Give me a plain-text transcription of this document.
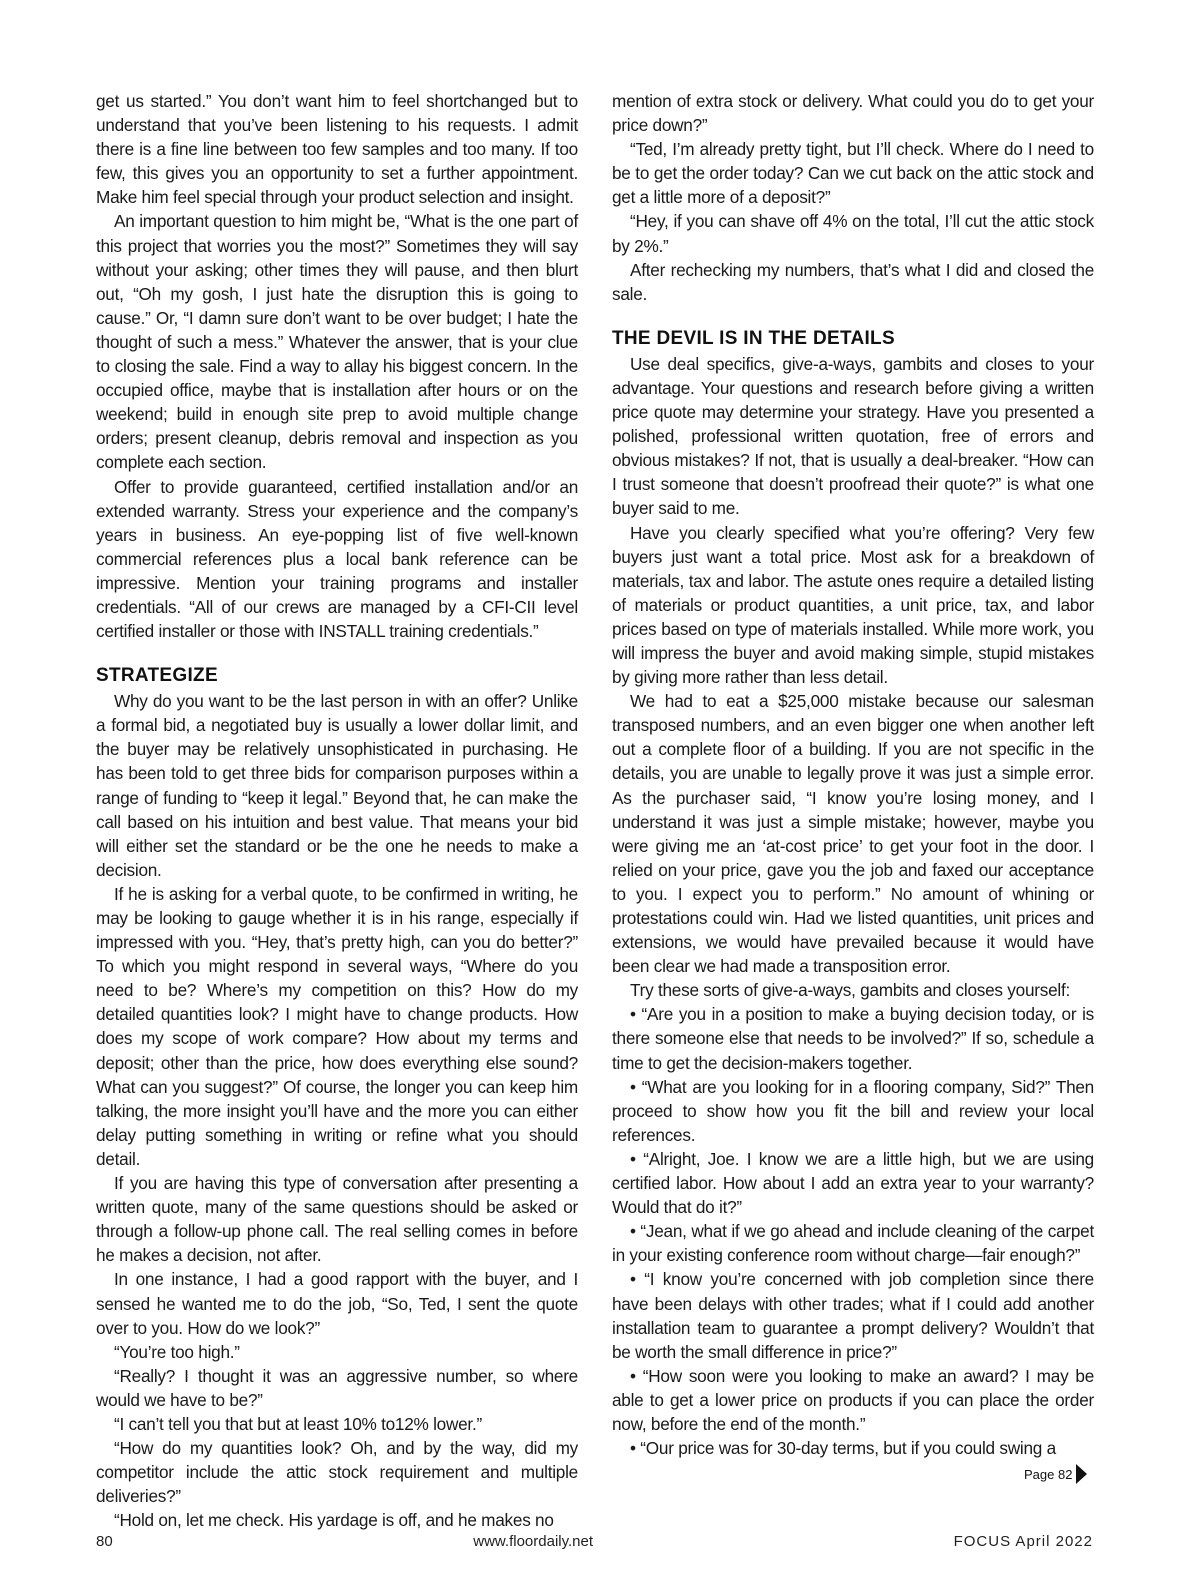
get us started.” You don’t want him to feel shortchanged but to understand that you’ve been listening to his requests. I admit there is a fine line between too few samples and too many. If too few, this gives you an opportunity to set a further appointment. Make him feel special through your product selection and insight.

An important question to him might be, “What is the one part of this project that worries you the most?” Sometimes they will say without your asking; other times they will pause, and then blurt out, “Oh my gosh, I just hate the disruption this is going to cause.” Or, “I damn sure don’t want to be over budget; I hate the thought of such a mess.” Whatever the answer, that is your clue to closing the sale. Find a way to allay his biggest concern. In the occupied office, maybe that is installation after hours or on the weekend; build in enough site prep to avoid multiple change orders; present cleanup, debris removal and inspection as you complete each section.

Offer to provide guaranteed, certified installation and/or an extended warranty. Stress your experience and the company’s years in business. An eye-popping list of five well-known commercial references plus a local bank reference can be impressive. Mention your training programs and installer credentials. “All of our crews are managed by a CFI-CII level certified installer or those with INSTALL training credentials.”

STRATEGIZE

Why do you want to be the last person in with an offer? Unlike a formal bid, a negotiated buy is usually a lower dollar limit, and the buyer may be relatively unsophisticated in purchasing. He has been told to get three bids for comparison purposes within a range of funding to “keep it legal.” Beyond that, he can make the call based on his intuition and best value. That means your bid will either set the standard or be the one he needs to make a decision.

If he is asking for a verbal quote, to be confirmed in writing, he may be looking to gauge whether it is in his range, especially if impressed with you. “Hey, that’s pretty high, can you do better?” To which you might respond in several ways, “Where do you need to be? Where’s my competition on this? How do my detailed quantities look? I might have to change products. How does my scope of work compare? How about my terms and deposit; other than the price, how does everything else sound? What can you suggest?” Of course, the longer you can keep him talking, the more insight you’ll have and the more you can either delay putting something in writing or refine what you should detail.

If you are having this type of conversation after presenting a written quote, many of the same questions should be asked or through a follow-up phone call. The real selling comes in before he makes a decision, not after.

In one instance, I had a good rapport with the buyer, and I sensed he wanted me to do the job, “So, Ted, I sent the quote over to you. How do we look?”

“You’re too high.”

“Really? I thought it was an aggressive number, so where would we have to be?”

“I can’t tell you that but at least 10% to12% lower.”

“How do my quantities look? Oh, and by the way, did my competitor include the attic stock requirement and multiple deliveries?”

“Hold on, let me check. His yardage is off, and he makes no

mention of extra stock or delivery. What could you do to get your price down?”

“Ted, I’m already pretty tight, but I’ll check. Where do I need to be to get the order today? Can we cut back on the attic stock and get a little more of a deposit?”

“Hey, if you can shave off 4% on the total, I’ll cut the attic stock by 2%.”

After rechecking my numbers, that’s what I did and closed the sale.

THE DEVIL IS IN THE DETAILS

Use deal specifics, give-a-ways, gambits and closes to your advantage. Your questions and research before giving a written price quote may determine your strategy. Have you presented a polished, professional written quotation, free of errors and obvious mistakes? If not, that is usually a deal-breaker. “How can I trust someone that doesn’t proofread their quote?” is what one buyer said to me.

Have you clearly specified what you’re offering? Very few buyers just want a total price. Most ask for a breakdown of materials, tax and labor. The astute ones require a detailed listing of materials or product quantities, a unit price, tax, and labor prices based on type of materials installed. While more work, you will impress the buyer and avoid making simple, stupid mistakes by giving more rather than less detail.

We had to eat a $25,000 mistake because our salesman transposed numbers, and an even bigger one when another left out a complete floor of a building. If you are not specific in the details, you are unable to legally prove it was just a simple error. As the purchaser said, “I know you’re losing money, and I understand it was just a simple mistake; however, maybe you were giving me an ‘at-cost price’ to get your foot in the door. I relied on your price, gave you the job and faxed our acceptance to you. I expect you to perform.” No amount of whining or protestations could win. Had we listed quantities, unit prices and extensions, we would have prevailed because it would have been clear we had made a transposition error.

Try these sorts of give-a-ways, gambits and closes yourself:

• “Are you in a position to make a buying decision today, or is there someone else that needs to be involved?” If so, schedule a time to get the decision-makers together.

• “What are you looking for in a flooring company, Sid?” Then proceed to show how you fit the bill and review your local references.

• “Alright, Joe. I know we are a little high, but we are using certified labor. How about I add an extra year to your warranty? Would that do it?”

• “Jean, what if we go ahead and include cleaning of the carpet in your existing conference room without charge—fair enough?”

• “I know you’re concerned with job completion since there have been delays with other trades; what if I could add another installation team to guarantee a prompt delivery? Wouldn’t that be worth the small difference in price?”

• “How soon were you looking to make an award? I may be able to get a lower price on products if you can place the order now, before the end of the month.”

• “Our price was for 30-day terms, but if you could swing a

Page 82
80	www.floordaily.net	FOCUS April 2022
